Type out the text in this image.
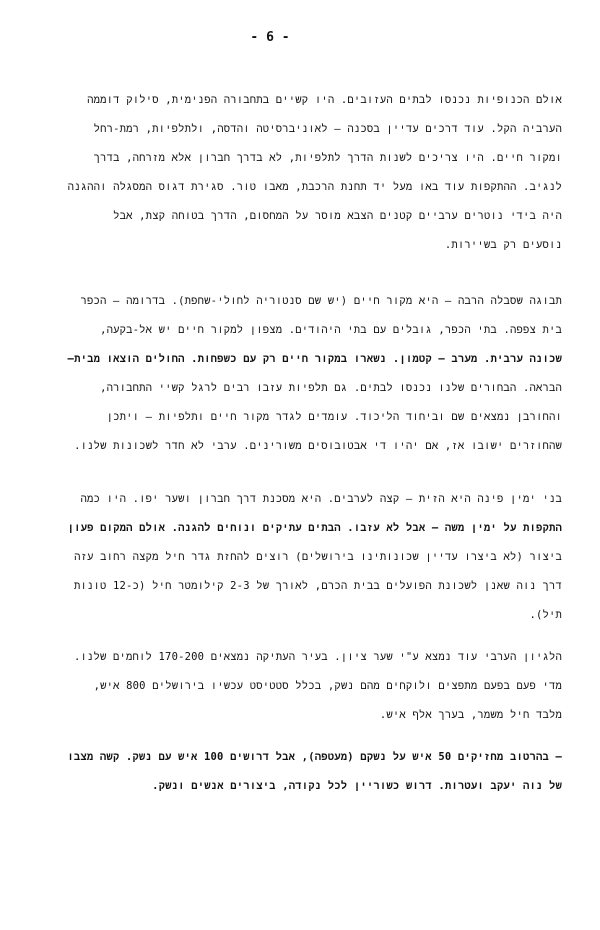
- 6 -
אולם הכנופיות נכנסו לבתים העזובים. היו קשיים בתחבורה הפנימית, סילוק דוממה
הערביה הקל. עוד דרכים עדיין בסכנה – לאוניברסיטה והדסה, ולתלפיות, רמת-רחל
ומקור חיים. היו צריכים לשנות הדרך לתלפיות, לא בדרך חברון אלא מזרחה, בדרך
לנגיב. ההתקפות עוד באו מעל יד תחנת הרכבת, מאבו טור. סגירת דגוס המסגלה וההגנה
היה בידי נוטרים ערביים קטנים הצבא מוסר על המחסום, הדרך בטוחה קצת, אבל
נוסעים רק בשיירות.
תבוגה שסבלה הרבה – היא מקור חיים (יש שם סנטוריה לחולי-שחפת). בדרומה – הכפר
בית צפפה. בתי הכפר, גובלים עם בתי היהודים. מצפון למקור חיים יש אל-בקעה,
שכונה ערבית. מערב – קטמון. נשארו במקור חיים רק עם כשפחות. החולים הוצאו מבית–
הבראה. הבחורים שלנו נכנסו לבתים. גם תלפיות עזבו רבים לרגל קשיי התחבורה,
והחורבן נמצאים שם וביחוד הליכוד. עומדים לגדר מקור חיים ותלפיות – ויתכן
שהחוזרים ישובו אז, אם יהיו די אבטובוסים משורינים. ערבי לא חדר לשכונות שלנו.
בני ימין פינה היא הזית – קצה לערבים. היא מסכנת דרך חברון ושער יפו. היו כמה
התקפות על ימין משה – אבל לא עזבו. הבתים עתיקים ונוחים להגנה. אולם המקום פעון
ביצור (לא ביצרו עדיין שכונותינו בירושלים) רוצים להחזת גדר חיל מקצה רחוב עזה
דרך נוה שאנן לשכונת הפועלים בבית הכרם, לאורך של 2-3 קילומטר חיל (כ-12 טונות
תיל).
הלגיון הערבי עוד נמצא ע"י שער ציון. בעיר העתיקה נמצאים 170-200 לוחמים שלנו.
מדי פעם בפעם מתפצים ולוקחים מהם נשק, בכלל סטטיסט עכשיו בירושלים 800 איש,
מלבד חיל משמר, בערך אלף איש.
– בהרטוב מחזיקים 50 איש על נשקם (מעטפה), אבל דרושים 100 איש עם נשק. קשה מצבו
של נוה יעקב ועטרות. דרוש כשוריין לכל נקודה, ביצורים אנשים ונשק.
